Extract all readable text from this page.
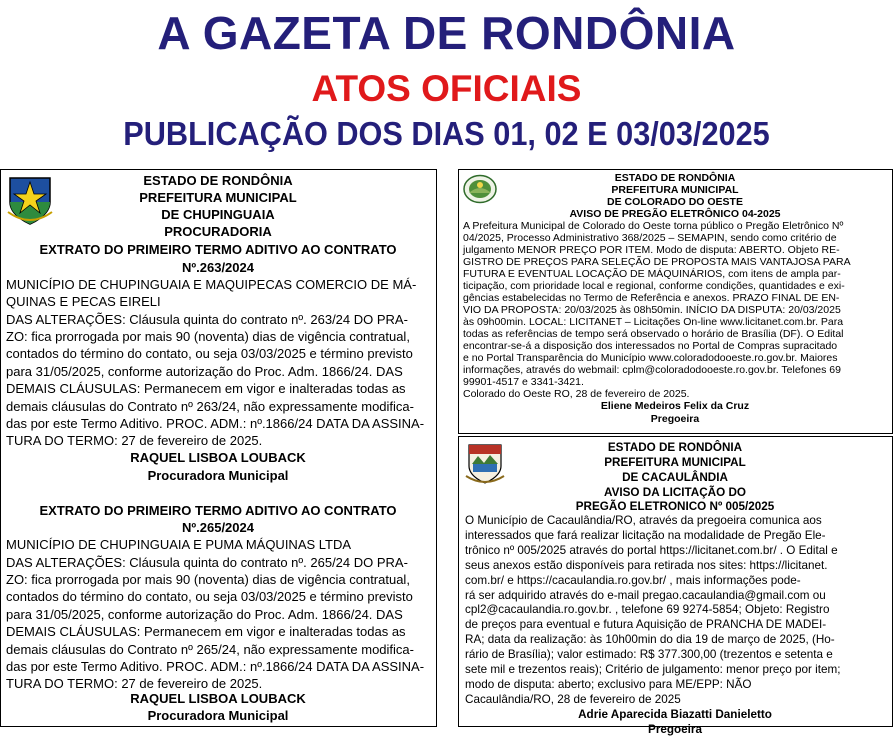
A GAZETA DE RONDÔNIA
ATOS OFICIAIS
PUBLICAÇÃO DOS DIAS 01, 02 E 03/03/2025
ESTADO DE RONDÔNIA
PREFEITURA MUNICIPAL
DE CHUPINGUAIA
PROCURADORIA
EXTRATO DO PRIMEIRO TERMO ADITIVO AO CONTRATO
Nº.263/2024
MUNICÍPIO DE CHUPINGUAIA E MAQUIPECAS COMERCIO DE MÁ-
QUINAS E PECAS EIRELI
DAS ALTERAÇÕES: Cláusula quinta do contrato nº. 263/24 DO PRA-
ZO: fica prorrogada por mais 90 (noventa) dias de vigência contratual,
contados do término do contato, ou seja 03/03/2025 e término previsto
para 31/05/2025, conforme autorização do Proc. Adm. 1866/24. DAS
DEMAIS CLÁUSULAS: Permanecem em vigor e inalteradas todas as
demais cláusulas do Contrato nº 263/24, não expressamente modifica-
das por este Termo Aditivo. PROC. ADM.: nº.1866/24 DATA DA ASSINA-
TURA DO TERMO: 27 de fevereiro de 2025.
RAQUEL LISBOA LOUBACK
Procuradora Municipal
EXTRATO DO PRIMEIRO TERMO ADITIVO AO CONTRATO
Nº.265/2024
MUNICÍPIO DE CHUPINGUAIA E PUMA MÁQUINAS LTDA
DAS ALTERAÇÕES: Cláusula quinta do contrato nº. 265/24 DO PRA-
ZO: fica prorrogada por mais 90 (noventa) dias de vigência contratual,
contados do término do contato, ou seja 03/03/2025 e término previsto
para 31/05/2025, conforme autorização do Proc. Adm. 1866/24. DAS
DEMAIS CLÁUSULAS: Permanecem em vigor e inalteradas todas as
demais cláusulas do Contrato nº 265/24, não expressamente modifica-
das por este Termo Aditivo. PROC. ADM.: nº.1866/24 DATA DA ASSINA-
TURA DO TERMO: 27 de fevereiro de 2025.
RAQUEL LISBOA LOUBACK
Procuradora Municipal
ESTADO DE RONDÔNIA
PREFEITURA MUNICIPAL
DE COLORADO DO OESTE
AVISO DE PREGÃO ELETRÔNICO 04-2025
A Prefeitura Municipal de Colorado do Oeste torna público o Pregão Eletrônico Nº
04/2025, Processo Administrativo 368/2025 – SEMAPIN, sendo como critério de
julgamento MENOR PREÇO POR ITEM. Modo de disputa: ABERTO. Objeto RE-
GISTRO DE PREÇOS PARA SELEÇÃO DE PROPOSTA MAIS VANTAJOSA PARA
FUTURA E EVENTUAL LOCAÇÃO DE MÁQUINÁRIOS, com itens de ampla par-
ticipação, com prioridade local e regional, conforme condições, quantidades e exi-
gências estabelecidas no Termo de Referência e anexos. PRAZO FINAL DE EN-
VIO DA PROPOSTA: 20/03/2025 às 08h50min. INÍCIO DA DISPUTA: 20/03/2025
às 09h00min. LOCAL: LICITANET – Licitações On-line www.licitanet.com.br. Para
todas as referências de tempo será observado o horário de Brasília (DF). O Edital
encontrar-se-á a disposição dos interessados no Portal de Compras supracitado
e no Portal Transparência do Município www.coloradodooeste.ro.gov.br. Maiores
informações, através do webmail: cplm@coloradodooeste.ro.gov.br. Telefones 69
99901-4517 e 3341-3421.
Colorado do Oeste RO, 28 de fevereiro de 2025.
Eliene Medeiros Felix da Cruz
Pregoeira
ESTADO DE RONDÔNIA
PREFEITURA MUNICIPAL
DE CACAULÂNDIA
AVISO DA LICITAÇÃO DO
PREGÃO ELETRONICO Nº 005/2025
O Município de Cacaulândia/RO, através da pregoeira comunica aos
interessados que fará realizar licitação na modalidade de Pregão Ele-
trônico nº 005/2025 através do portal https://licitanet.com.br/ . O Edital e
seus anexos estão disponíveis para retirada nos sites: https://licitanet.
com.br/ e https://cacaulandia.ro.gov.br/ , mais informações pode-
rá ser adquirido através do e-mail pregao.cacaulandia@gmail.com ou
cpl2@cacaulandia.ro.gov.br. , telefone 69 9274-5854; Objeto: Registro
de preços para eventual e futura Aquisição de PRANCHA DE MADEI-
RA; data da realização: às 10h00min do dia 19 de março de 2025, (Ho-
rário de Brasília); valor estimado: R$ 377.300,00 (trezentos e setenta e
sete mil e trezentos reais); Critério de julgamento: menor preço por item;
modo de disputa: aberto; exclusivo para ME/EPP: NÃO
Cacaulândia/RO, 28 de fevereiro de 2025
Adrie Aparecida Biazatti Danieletto
Pregoeira
